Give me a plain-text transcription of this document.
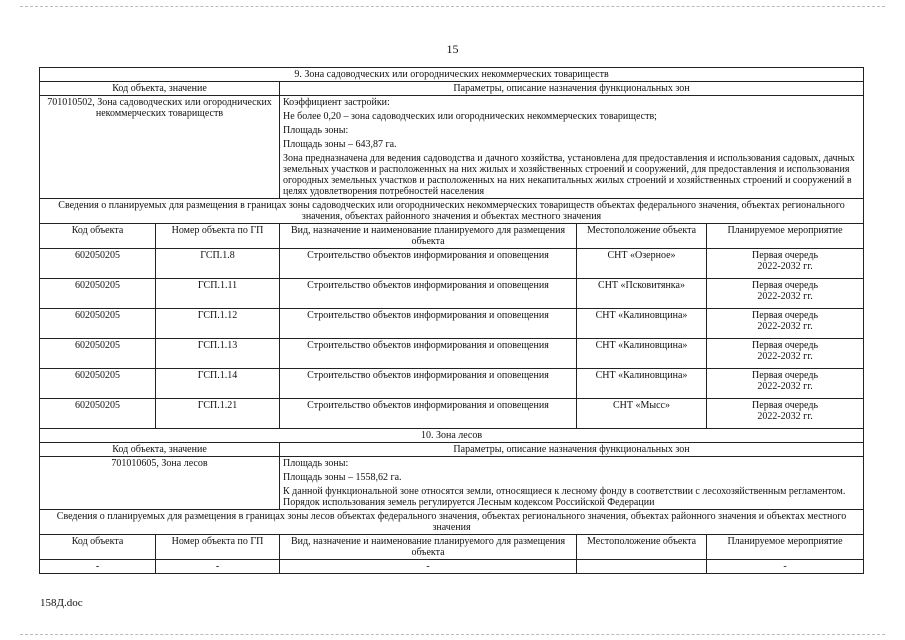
15
9. Зона садоводческих или огороднических некоммерческих товариществ				
Код объекта, значение		Параметры, описание назначения функциональных зон		
701010502, Зона садоводческих или огороднических некоммерческих товариществ		Коэффициент застройки:

Не более 0,20 – зона садоводческих или огороднических некоммерческих товариществ;

Площадь зоны:

Площадь зоны – 643,87 га.

Зона предназначена для ведения садоводства и дачного хозяйства, установлена для предоставления и использования садовых, дачных земельных участков и расположенных на них жилых и хозяйственных строений и сооружений, для предоставления и использования огородных земельных участков и расположенных на них некапитальных жилых строений и хозяйственных строений и сооружений в целях удовлетворения потребностей населения		

Сведения о планируемых для размещения в границах зоны садоводческих или огороднических некоммерческих товариществ объектах федерального значения, объектах регионального значения, объектах районного значения и объектах местного значения				
Код объекта	Номер объекта по ГП	Вид, назначение и наименование планируемого для размещения объекта	Местоположение объекта	Планируемое мероприятие
602050205	ГСП.1.8	Строительство объектов информирования и оповещения	СНТ «Озерное»	Первая очередь
2022-2032 гг.
602050205	ГСП.1.11	Строительство объектов информирования и оповещения	СНТ «Псковитянка»	Первая очередь
2022-2032 гг.
602050205	ГСП.1.12	Строительство объектов информирования и оповещения	СНТ «Калиновщина»	Первая очередь
2022-2032 гг.
602050205	ГСП.1.13	Строительство объектов информирования и оповещения	СНТ «Калиновщина»	Первая очередь
2022-2032 гг.
602050205	ГСП.1.14	Строительство объектов информирования и оповещения	СНТ «Калиновщина»	Первая очередь
2022-2032 гг.
602050205	ГСП.1.21	Строительство объектов информирования и оповещения	СНТ «Мысс»	Первая очередь
2022-2032 гг.
10. Зона лесов				
Код объекта, значение		Параметры, описание назначения функциональных зон		
701010605, Зона лесов		Площадь зоны:

Площадь зоны – 1558,62 га.

К данной функциональной зоне относятся земли, относящиеся к лесному фонду в соответствии с лесохозяйственным регламентом. Порядок использования земель регулируется Лесным кодексом Российской Федерации		

Сведения о планируемых для размещения в границах зоны лесов объектах федерального значения, объектах регионального значения, объектах районного значения и объектах местного значения				
Код объекта	Номер объекта по ГП	Вид, назначение и наименование планируемого для размещения объекта	Местоположение объекта	Планируемое мероприятие
-	-	-		-
158Д.doc
